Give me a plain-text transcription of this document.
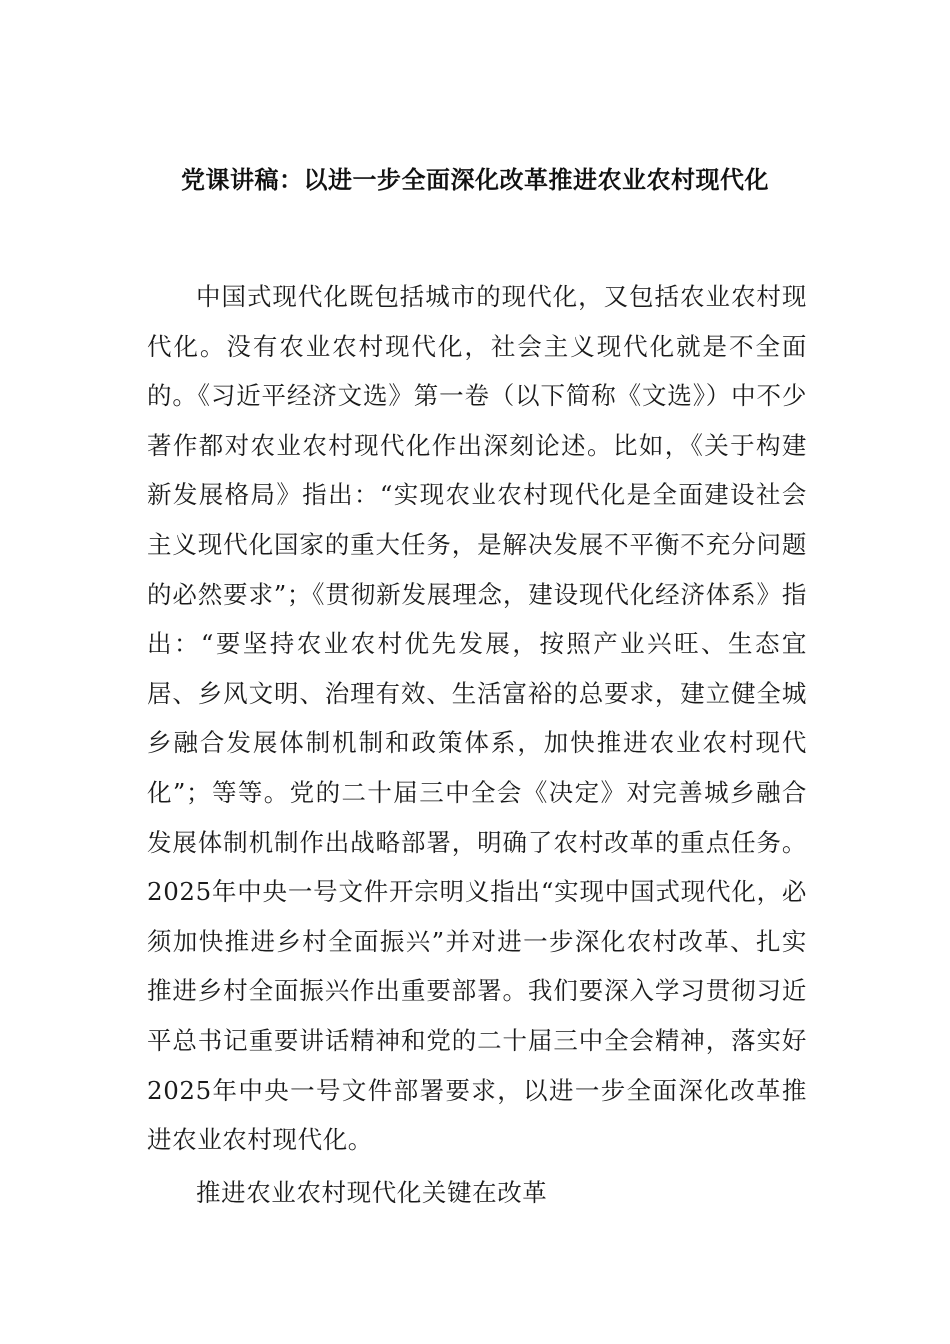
党课讲稿：以进一步全面深化改革推进农业农村现代化

中国式现代化既包括城市的现代化，又包括农业农村现代化。没有农业农村现代化，社会主义现代化就是不全面的。《习近平经济文选》第一卷（以下简称《文选》）中不少著作都对农业农村现代化作出深刻论述。比如，《关于构建新发展格局》指出：“实现农业农村现代化是全面建设社会主义现代化国家的重大任务，是解决发展不平衡不充分问题的必然要求”；《贯彻新发展理念，建设现代化经济体系》指出：“要坚持农业农村优先发展，按照产业兴旺、生态宜居、乡风文明、治理有效、生活富裕的总要求，建立健全城乡融合发展体制机制和政策体系，加快推进农业农村现代化”；等等。党的二十届三中全会《决定》对完善城乡融合发展体制机制作出战略部署，明确了农村改革的重点任务。2025年中央一号文件开宗明义指出“实现中国式现代化，必须加快推进乡村全面振兴”并对进一步深化农村改革、扎实推进乡村全面振兴作出重要部署。我们要深入学习贯彻习近平总书记重要讲话精神和党的二十届三中全会精神，落实好2025年中央一号文件部署要求，以进一步全面深化改革推进农业农村现代化。

推进农业农村现代化关键在改革
